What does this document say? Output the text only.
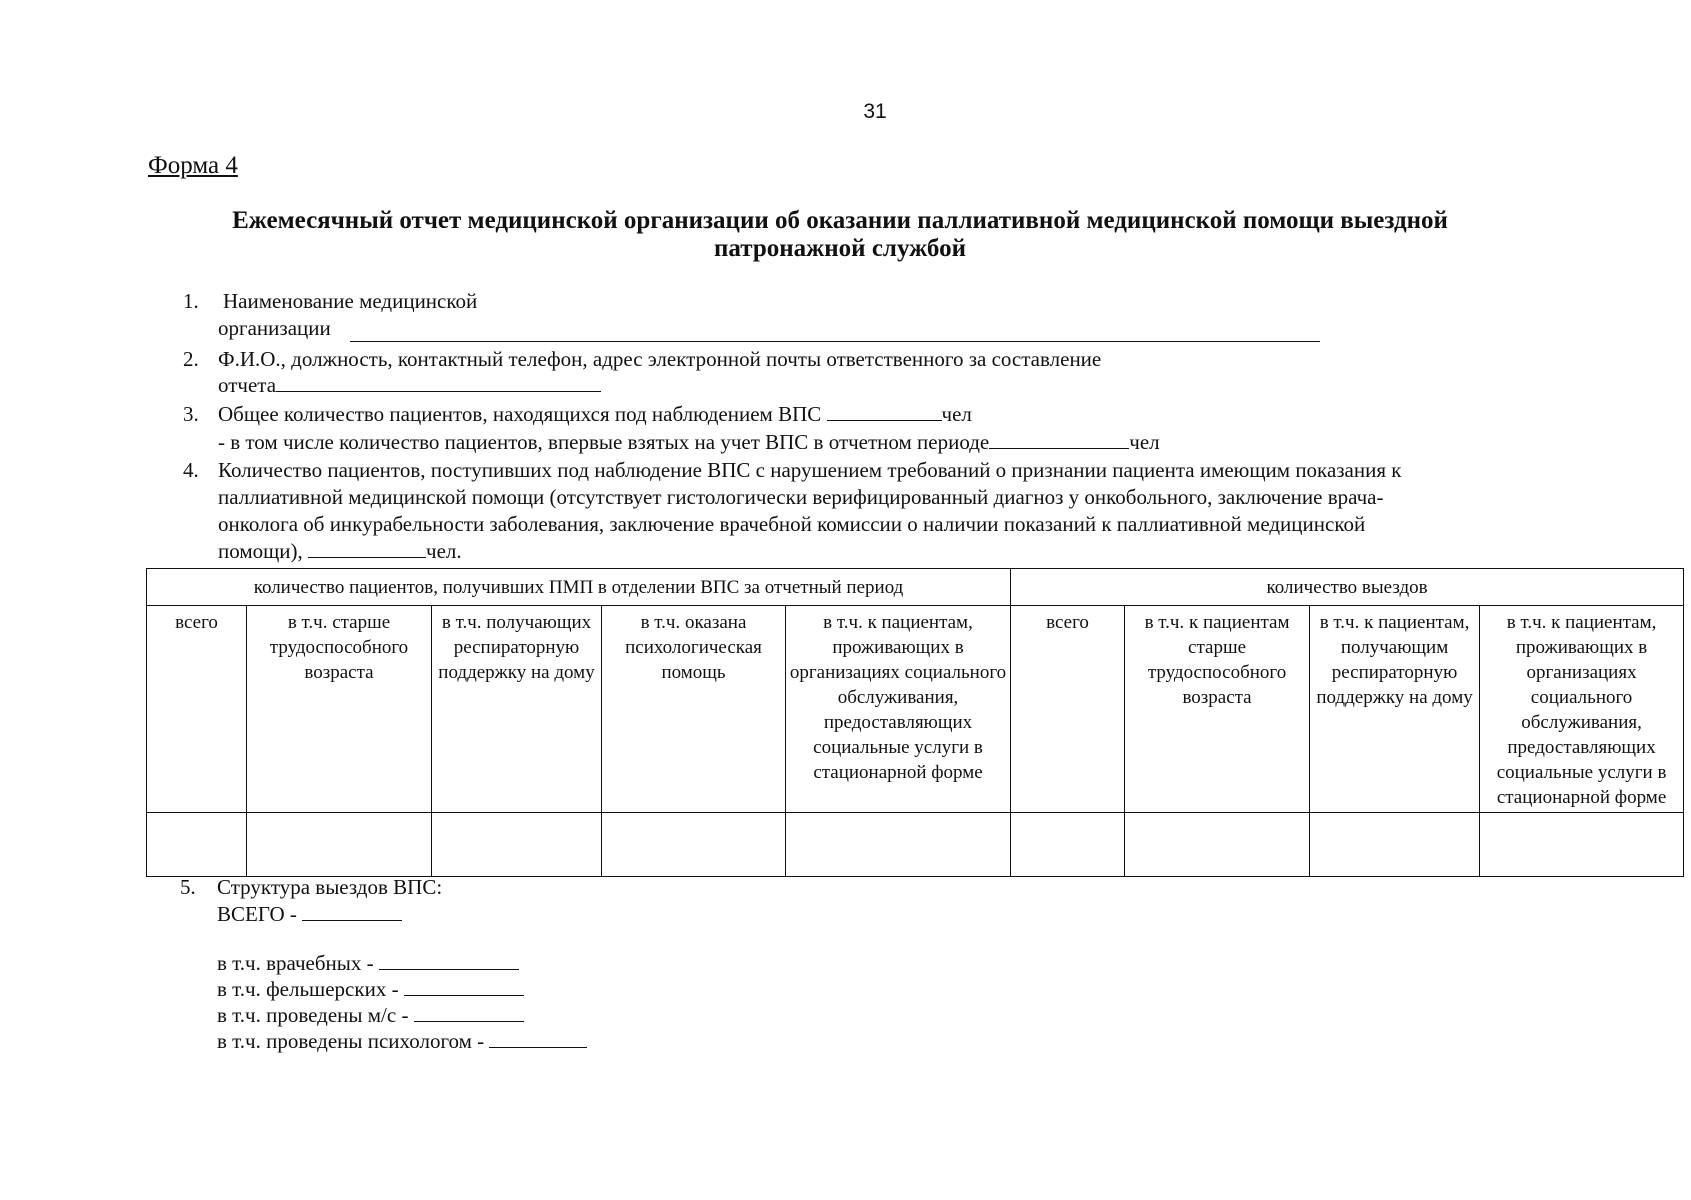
31
Форма 4
Ежемесячный отчет медицинской организации об оказании паллиативной медицинской помощи выездной
патронажной службой
1. Наименование медицинской
организации
2. Ф.И.О., должность, контактный телефон, адрес электронной почты ответственного за составление
отчета
3. Общее количество пациентов, находящихся под наблюдением ВПС	чел
- в том числе количество пациентов, впервые взятых на учет ВПС в отчетном периоде	чел
4. Количество пациентов, поступивших под наблюдение ВПС с нарушением требований о признании пациента имеющим показания к
паллиативной медицинской помощи (отсутствует гистологически верифицированный диагноз у онкобольного, заключение врача-
онколога об инкурабельности заболевания, заключение врачебной комиссии о наличии показаний к паллиативной медицинской
помощи),	чел.
количество пациентов, получивших ПМП в отделении ВПС за отчетный период					количество выездов			
всего	в т.ч. старше трудоспособного возраста	в т.ч. получающих респираторную поддержку на дому	в т.ч. оказана психологическая помощь	в т.ч. к пациентам, проживающих в организациях социального обслуживания, предоставляющих социальные услуги в стационарной форме	всего	в т.ч. к пациентам старше трудоспособного возраста	в т.ч. к пациентам, получающим респираторную поддержку на дому	в т.ч. к пациентам, проживающих в организациях социального обслуживания, предоставляющих социальные услуги в стационарной форме

5. Структура выездов ВПС:
ВСЕГО -
в т.ч. врачебных -
в т.ч. фельшерских -
в т.ч. проведены м/с -
в т.ч. проведены психологом -
